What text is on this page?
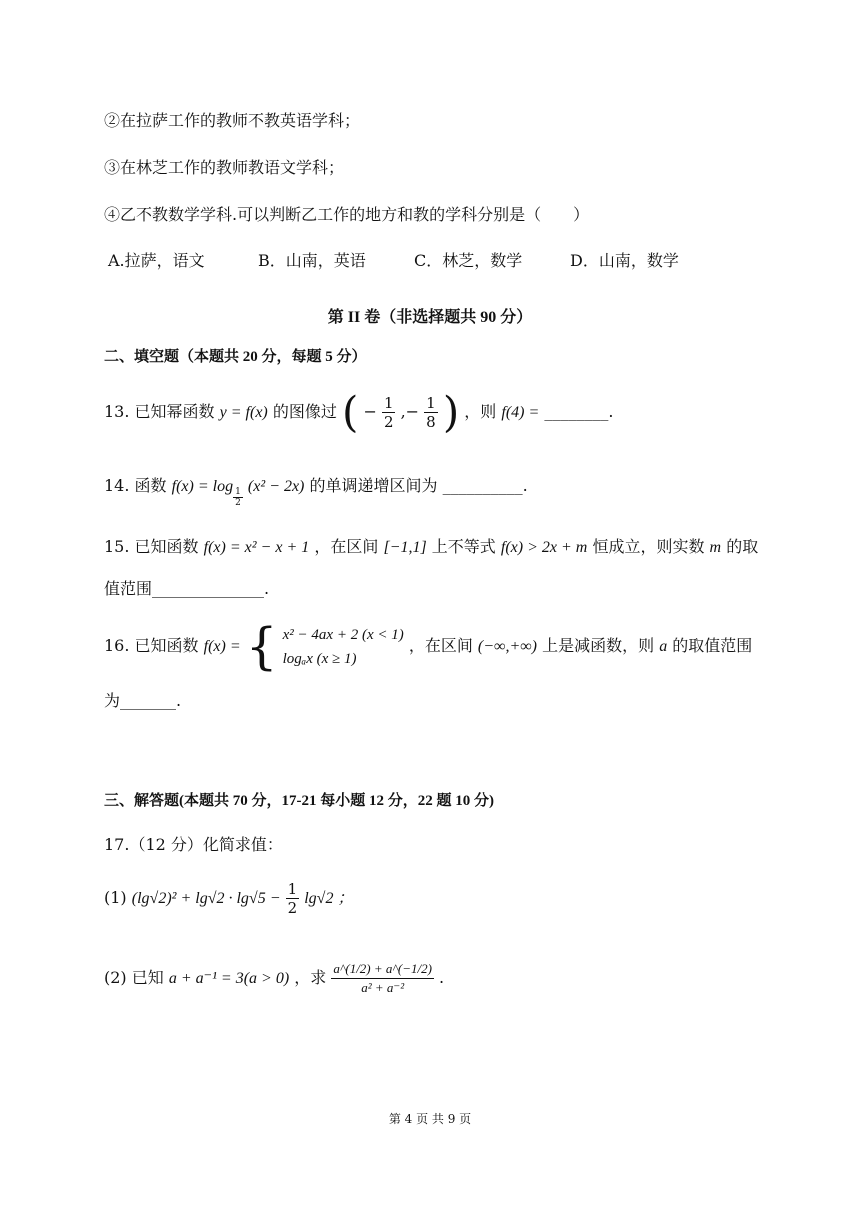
②在拉萨工作的教师不教英语学科；
③在林芝工作的教师教语文学科；
④乙不教数学学科.可以判断乙工作的地方和教的学科分别是（　　）
A.拉萨，语文	B．山南，英语	C．林芝，数学	D．山南，数学
第 II 卷（非选择题共 90 分）
二、填空题（本题共 20 分，每题 5 分）
13. 已知幂函数 y = f(x) 的图像过 ( − $\frac{1}{2}$ ,− $\frac{1}{8}$ ) ，则 f(4) = ________.
14. 函数 f(x) = log
$\frac{1}{2}$
(x² − 2x) 的单调递增区间为 __________.
15. 已知函数 f(x) = x² − x + 1 ，在区间 [−1,1] 上不等式 f(x) > 2x + m 恒成立，则实数 m 的取
值范围______________.
16. 已知函数 f(x) = { x² − 4ax + 2 (x < 1)
logₐx (x ≥ 1)
，在区间 (−∞,+∞) 上是减函数，则 a 的取值范围
为_______.
三、解答题(本题共 70 分，17-21 每小题 12 分，22 题 10 分)
17.（12 分）化简求值：
(1) $(\lg√2)^2 + \lg√2 \cdot \lg√5 - \frac{1}{2} \lg√2$ ；
(2) 已知 a + a⁻¹ = 3(a > 0) ，求 $\frac{a\^{}(1/2) + a\^{}(-1/2)}{\text{a² + a⁻²}}$ .
第 4 页 共 9 页
